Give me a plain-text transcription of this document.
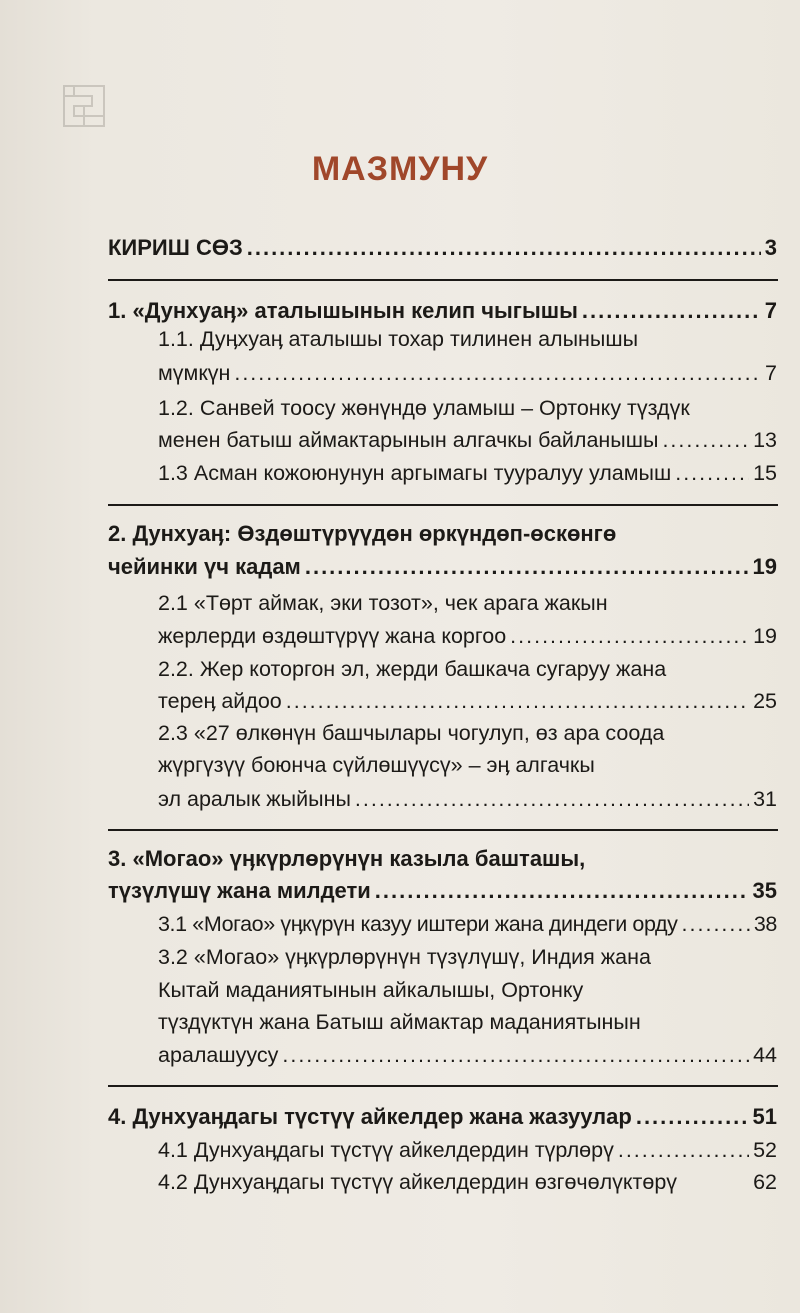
МАЗМУНУ
КИРИШ СӨЗ .....	3
1. «Дунхуаӊ» аталышынын келип чыгышы .....	7
1.1. Дуӊхуаӊ аталышы тохар тилинен алынышы
мүмкүн .....	7
1.2. Санвей тоосу жөнүндө уламыш – Ортонку түздүк
менен батыш аймактарынын алгачкы байланышы .....	13
1.3 Асман кожоюнунун аргымагы тууралуу уламыш .....	15
2. Дунхуаӊ: Өздөштүрүүдөн өркүндөп-өскөнгө
чейинки үч кадам .....	19
2.1 «Төрт аймак, эки тозот», чек арага жакын
жерлерди өздөштүрүү жана коргоо .....	19
2.2. Жер которгон эл, жерди башкача сугаруу жана
тереӊ айдоо .....	25
2.3 «27 өлкөнүн башчылары чогулуп, өз ара соода
жүргүзүү боюнча сүйлөшүүсү» – эӊ алгачкы
эл аралык жыйыны .....	31
3. «Могао» үӊкүрлөрүнүн казыла башташы,
түзүлүшү жана милдети .....	35
3.1 «Могао» үӊкүрүн казуу иштери жана диндеги орду .....	38
3.2 «Могао» үӊкүрлөрүнүн түзүлүшү, Индия жана
Кытай маданиятынын айкалышы, Ортонку
түздүктүн жана Батыш аймактар маданиятынын
аралашуусу .....	44
4. Дунхуаӊдагы түстүү айкелдер жана жазуулар .....	51
4.1 Дунхуаӊдагы түстүү айкелдердин түрлөрү .....	52
4.2 Дунхуаӊдагы түстүү айкелдердин өзгөчөлүктөрү	62
